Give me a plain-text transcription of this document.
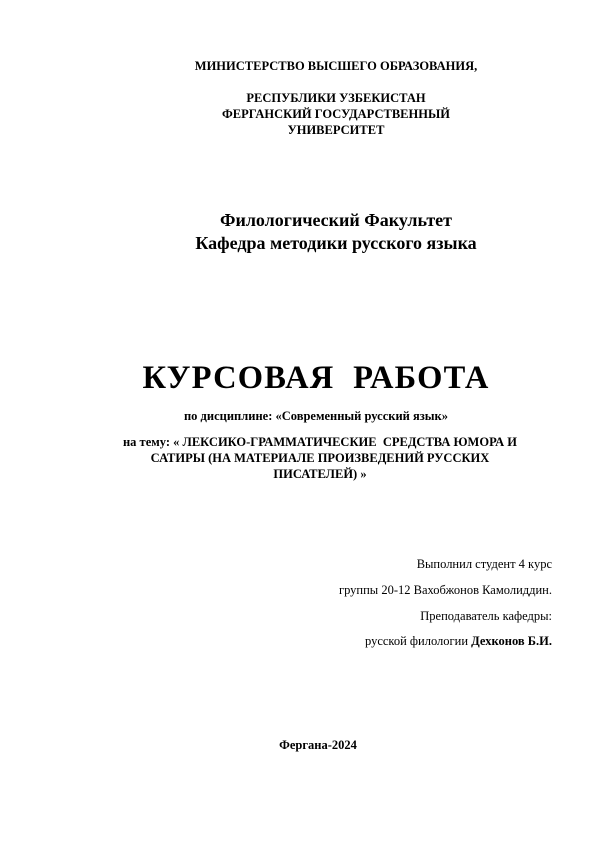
МИНИСТЕРСТВО ВЫСШЕГО ОБРАЗОВАНИЯ,
РЕСПУБЛИКИ УЗБЕКИСТАН
ФЕРГАНСКИЙ ГОСУДАРСТВЕННЫЙ
УНИВЕРСИТЕТ
Филологический Факультет
Кафедра методики русского языка
КУРСОВАЯ  РАБОТА
по дисциплине: «Современный русский язык»
на тему: « ЛЕКСИКО-ГРАММАТИЧЕСКИЕ  СРЕДСТВА ЮМОРА И
САТИРЫ (НА МАТЕРИАЛЕ ПРОИЗВЕДЕНИЙ РУССКИХ
ПИСАТЕЛЕЙ) »
Выполнил студент 4 курс
группы 20-12 Вахобжонов Камолиддин.
Преподаватель кафедры:
русской филологии Дехконов Б.И.
Фергана-2024
